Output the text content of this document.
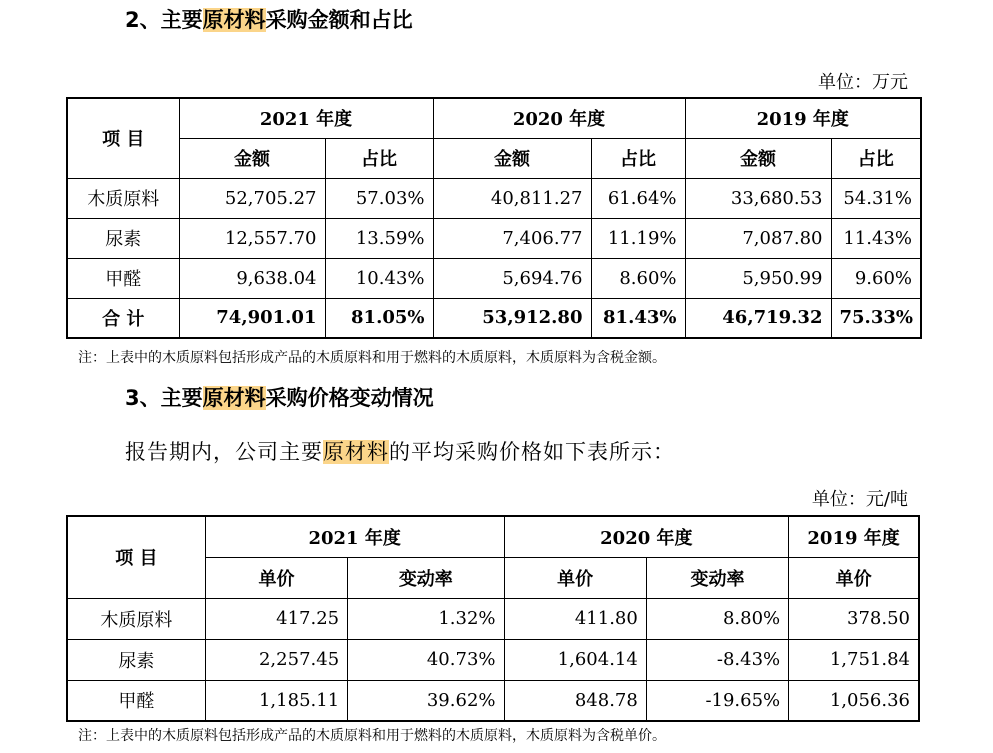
2、主要原材料采购金额和占比
单位：万元
项 目	2021 年度		2020 年度		2019 年度	
	金额	占比	金额	占比	金额	占比
木质原料	52,705.27	57.03%	40,811.27	61.64%	33,680.53	54.31%
尿素	12,557.70	13.59%	7,406.77	11.19%	7,087.80	11.43%
甲醛	9,638.04	10.43%	5,694.76	8.60%	5,950.99	9.60%
合 计	74,901.01	81.05%	53,912.80	81.43%	46,719.32	75.33%
注：上表中的木质原料包括形成产品的木质原料和用于燃料的木质原料，木质原料为含税金额。
3、主要原材料采购价格变动情况
报告期内，公司主要原材料的平均采购价格如下表所示：
单位：元/吨
项 目	2021 年度		2020 年度		2019 年度
	单价	变动率	单价	变动率	单价
木质原料	417.25	1.32%	411.80	8.80%	378.50
尿素	2,257.45	40.73%	1,604.14	-8.43%	1,751.84
甲醛	1,185.11	39.62%	848.78	-19.65%	1,056.36
注：上表中的木质原料包括形成产品的木质原料和用于燃料的木质原料，木质原料为含税单价。
